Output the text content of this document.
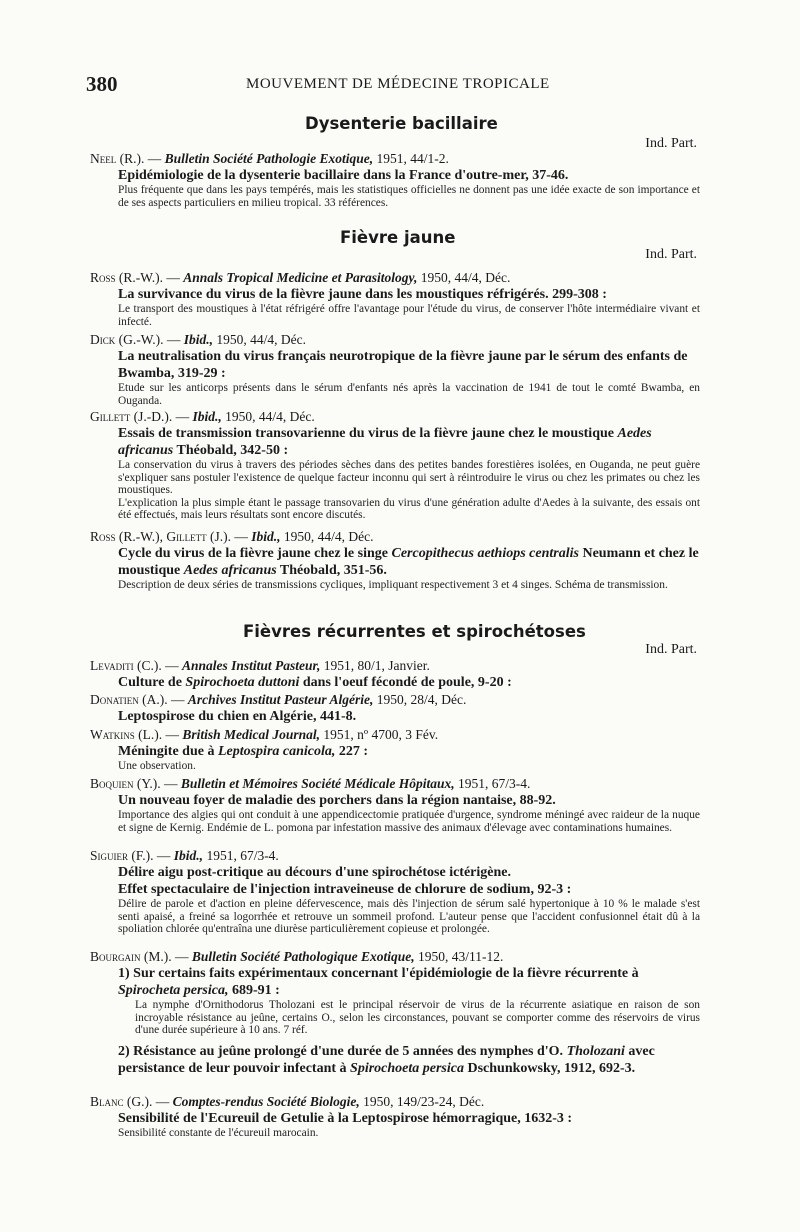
380	MOUVEMENT DE MÉDECINE TROPICALE
Dysenterie bacillaire
Ind. Part.
Neel (R.). — Bulletin Société Pathologie Exotique, 1951, 44/1-2.
Epidémiologie de la dysenterie bacillaire dans la France d'outre-mer, 37-46.
Plus fréquente que dans les pays tempérés, mais les statistiques officielles ne donnent pas une idée exacte de son importance et de ses aspects particuliers en milieu tropical. 33 références.
Fièvre jaune
Ind. Part.
Ross (R.-W.). — Annals Tropical Medicine et Parasitology, 1950, 44/4, Déc.
La survivance du virus de la fièvre jaune dans les moustiques réfrigérés. 299-308 :
Le transport des moustiques à l'état réfrigéré offre l'avantage pour l'étude du virus, de conserver l'hôte intermédiaire vivant et infecté.
Dick (G.-W.). — Ibid., 1950, 44/4, Déc.
La neutralisation du virus français neurotropique de la fièvre jaune par le sérum des enfants de Bwamba, 319-29 :
Etude sur les anticorps présents dans le sérum d'enfants nés après la vaccination de 1941 de tout le comté Bwamba, en Ouganda.
Gillett (J.-D.). — Ibid., 1950, 44/4, Déc.
Essais de transmission transovarienne du virus de la fièvre jaune chez le moustique Aedes africanus Théobald, 342-50 :
La conservation du virus à travers des périodes sèches dans des petites bandes forestières isolées, en Ouganda, ne peut guère s'expliquer sans postuler l'existence de quelque facteur inconnu qui sert à réintroduire le virus ou chez les primates ou chez les moustiques.
L'explication la plus simple étant le passage transovarien du virus d'une génération adulte d'Aedes à la suivante, des essais ont été effectués, mais leurs résultats sont encore discutés.
Ross (R.-W.), Gillett (J.). — Ibid., 1950, 44/4, Déc.
Cycle du virus de la fièvre jaune chez le singe Cercopithecus aethiops centralis Neumann et chez le moustique Aedes africanus Théobald, 351-56.
Description de deux séries de transmissions cycliques, impliquant respectivement 3 et 4 singes. Schéma de transmission.
Fièvres récurrentes et spirochétoses
Ind. Part.
Levaditi (C.). — Annales Institut Pasteur, 1951, 80/1, Janvier.
Culture de Spirochoeta duttoni dans l'oeuf fécondé de poule, 9-20 :
Donatien (A.). — Archives Institut Pasteur Algérie, 1950, 28/4, Déc.
Leptospirose du chien en Algérie, 441-8.
Watkins (L.). — British Medical Journal, 1951, nº 4700, 3 Fév.
Méningite due à Leptospira canicola, 227 :
Une observation.
Boquien (Y.). — Bulletin et Mémoires Société Médicale Hôpitaux, 1951, 67/3-4.
Un nouveau foyer de maladie des porchers dans la région nantaise, 88-92.
Importance des algies qui ont conduit à une appendicectomie pratiquée d'urgence, syndrome méningé avec raideur de la nuque et signe de Kernig. Endémie de L. pomona par infestation massive des animaux d'élevage avec contaminations humaines.
Siguier (F.). — Ibid., 1951, 67/3-4.
Délire aigu post-critique au décours d'une spirochétose ictérigène.
Effet spectaculaire de l'injection intraveineuse de chlorure de sodium, 92-3 :
Délire de parole et d'action en pleine défervescence, mais dès l'injection de sérum salé hypertonique à 10 % le malade s'est senti apaisé, a freiné sa logorrhée et retrouve un sommeil profond. L'auteur pense que l'accident confusionnel était dû à la spoliation chlorée qu'entraîna une diurèse particulièrement copieuse et prolongée.
Bourgain (M.). — Bulletin Société Pathologique Exotique, 1950, 43/11-12.
1) Sur certains faits expérimentaux concernant l'épidémiologie de la fièvre récurrente à Spirocheta persica, 689-91 :
La nymphe d'Ornithodorus Tholozani est le principal réservoir de virus de la récurrente asiatique en raison de son incroyable résistance au jeûne, certains O., selon les circonstances, pouvant se comporter comme des réservoirs de virus d'une durée supérieure à 10 ans. 7 réf.
2) Résistance au jeûne prolongé d'une durée de 5 années des nymphes d'O. Tholozani avec persistance de leur pouvoir infectant à Spirochoeta persica Dschunkowsky, 1912, 692-3.
Blanc (G.). — Comptes-rendus Société Biologie, 1950, 149/23-24, Déc.
Sensibilité de l'Ecureuil de Getulie à la Leptospirose hémorragique, 1632-3 :
Sensibilité constante de l'écureuil marocain.
